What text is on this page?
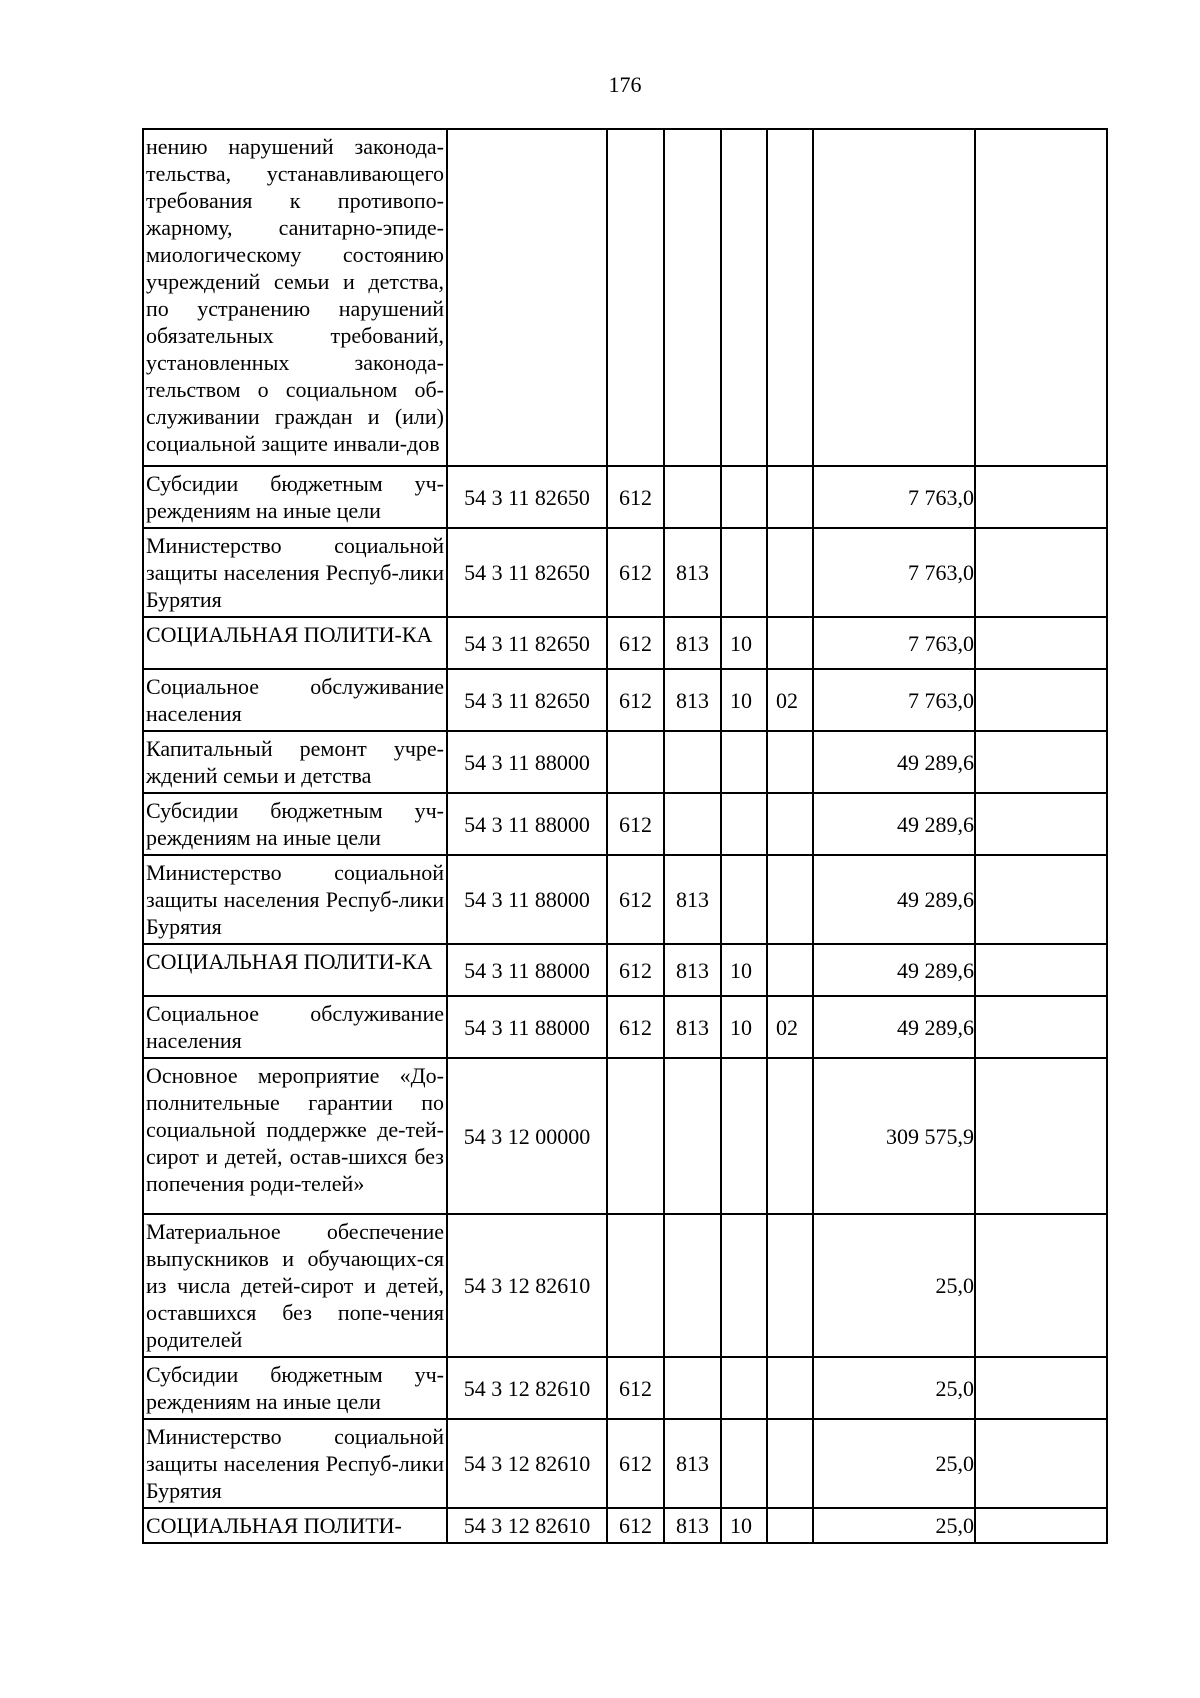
176
нению нарушений законода-тельства, устанавливающего требования к противопо-жарному, санитарно-эпиде-миологическому состоянию учреждений семьи и детства, по устранению нарушений обязательных требований, установленных законода-тельством о социальном об-служивании граждан и (или) социальной защите инвали-дов							
Субсидии бюджетным уч-реждениям на иные цели	54 3 11 82650	612				7 763,0	
Министерство социальной защиты населения Респуб-лики Бурятия	54 3 11 82650	612	813			7 763,0	
СОЦИАЛЬНАЯ ПОЛИТИ-КА	54 3 11 82650	612	813	10		7 763,0	
Социальное обслуживание населения	54 3 11 82650	612	813	10	02	7 763,0	
Капитальный ремонт учре-ждений семьи и детства	54 3 11 88000					49 289,6	
Субсидии бюджетным уч-реждениям на иные цели	54 3 11 88000	612				49 289,6	
Министерство социальной защиты населения Респуб-лики Бурятия	54 3 11 88000	612	813			49 289,6	
СОЦИАЛЬНАЯ ПОЛИТИ-КА	54 3 11 88000	612	813	10		49 289,6	
Социальное обслуживание населения	54 3 11 88000	612	813	10	02	49 289,6	
Основное мероприятие «До-полнительные гарантии по социальной поддержке де-тей-сирот и детей, остав-шихся без попечения роди-телей»	54 3 12 00000					309 575,9	
Материальное обеспечение выпускников и обучающих-ся из числа детей-сирот и детей, оставшихся без попе-чения родителей	54 3 12 82610					25,0	
Субсидии бюджетным уч-реждениям на иные цели	54 3 12 82610	612				25,0	
Министерство социальной защиты населения Респуб-лики Бурятия	54 3 12 82610	612	813			25,0	
СОЦИАЛЬНАЯ ПОЛИТИ-	54 3 12 82610	612	813	10		25,0	
